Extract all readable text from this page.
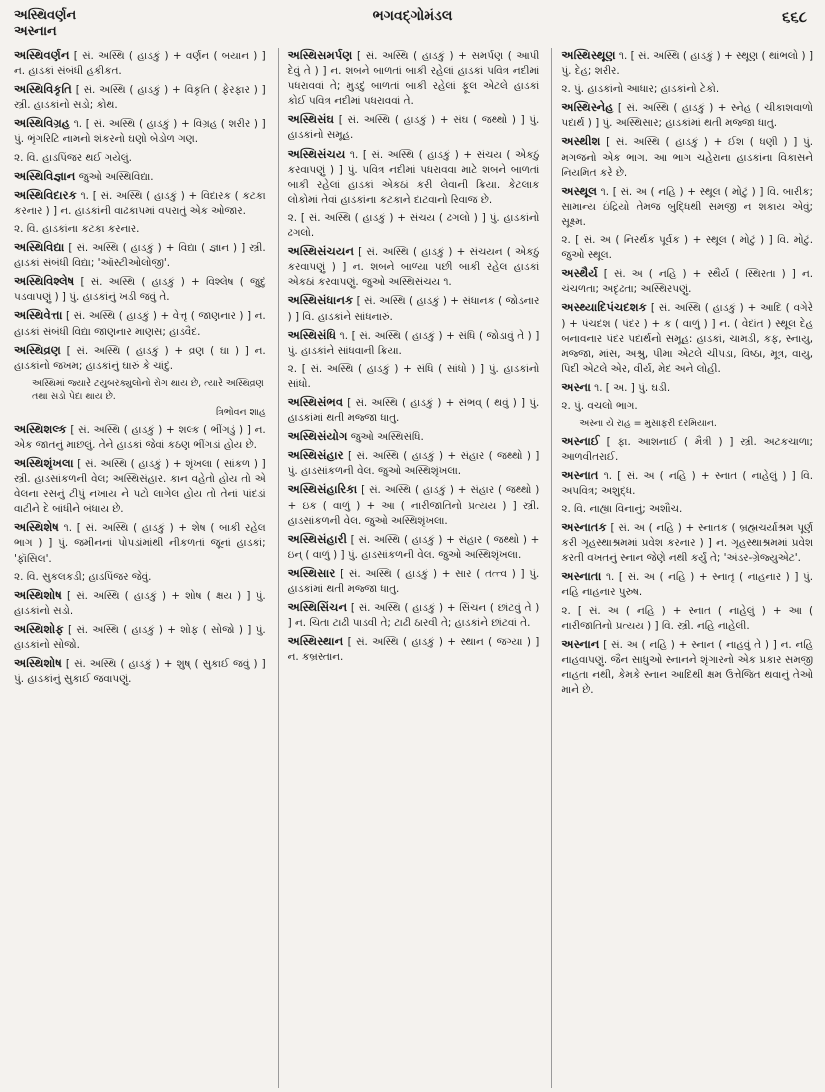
અસ્થિવર્ણન
અસ્નાન
ભગવદ્ગોમંડલ	૬૬૮
અસ્થિવર્ણન [ સં. અસ્થિ ( હાડકું ) + વર્ણન ( બયાન ) ] ન. હાડકાં સંબંધી હકીકત.
અસ્થિવિકૃતિ [ સં. અસ્થિ ( હાડકું ) + વિકૃતિ ( ફેરફાર ) ] સ્ત્રી. હાડકાંનો સડો; કોથ.
અસ્થિવિગ્રહ ૧. [ સં. અસ્થિ ( હાડકું ) + વિગ્રહ ( શરીર ) ] પું. ભૃંગરિટિ નામનો શંકરનો ઘણો બેડોળ ગણ.
૨. વિ. હાડપિંજર થઈ ગયેલું.
અસ્થિવિજ્ઞાન જુઓ અસ્થિવિદ્યા.
અસ્થિવિદારક ૧. [ સં. અસ્થિ ( હાડકું ) + વિદારક ( કટકા કરનાર ) ] ન. હાડકાંની વાઢકાપમાં વપરાતું એક ઓજાર.
૨. વિ. હાડકાંના કટકા કરનાર.
અસ્થિવિદ્યા [ સં. અસ્થિ ( હાડકું ) + વિદ્યા ( જ્ઞાન ) ] સ્ત્રી. હાડકાં સંબંધી વિદ્યા; 'ઑસ્ટીઓલોજી'.
અસ્થિવિશ્લેષ [ સં. અસ્થિ ( હાડકું ) + વિશ્લેષ ( જુદું પડવાપણું ) ] પું. હાડકાંનું ખડી જવું તે.
અસ્થિવેત્તા [ સં. અસ્થિ ( હાડકું ) + વેત્તૃ ( જાણનાર ) ] ન. હાડકાં સંબંધી વિદ્યા જાણનાર માણસ; હાડવૈદ.
અસ્થિવ્રણ [ સં. અસ્થિ ( હાડકું ) + વ્રણ ( ઘા ) ] ન. હાડકાંનો જખમ; હાડકાંનું ઘારું કે ચાંદું.
અસ્થિમાં જ્યારે ટયુબરક્યુલોનો રોગ થાય છે, ત્યારે અસ્થિવ્રણ તથા સડો પેદા થાય છે.
ત્રિભોવન શાહ
અસ્થિશલ્ક [ સં. અસ્થિ ( હાડકું ) + શલ્ક ( ભીંગડું ) ] ન. એક જાતનું માછલું. તેને હાડકાં જેવાં કઠણ ભીંગડાં હોય છે.
અસ્થિશૃંખલા [ સં. અસ્થિ ( હાડકું ) + શૃંખલા ( સાંકળ ) ] સ્ત્રી. હાડસાંકળની વેલ; અસ્થિસંહાર. કાન વહેતો હોય તો એ વેલના રસનું ટીપું નખાય ને પટો લાગેલ હોય તો તેનાં પાંદડાં વાટીને દે બાંધીને બંધાય છે.
અસ્થિશેષ ૧. [ સં. અસ્થિ ( હાડકું ) + શેષ ( બાકી રહેલ ભાગ ) ] પું. જમીનનાં પોપડાંમાંથી નીકળતાં જૂનાં હાડકાં; 'ફૉસિલ'.
૨. વિ. સુકલકડી; હાડપિંજર જેવું.
અસ્થિશોષ [ સં. અસ્થિ ( હાડકું ) + શોષ ( ક્ષય ) ] પું. હાડકાંનો સડો.
અસ્થિશોફ [ સં. અસ્થિ ( હાડકું ) + શોફ ( સોજો ) ] પું. હાડકાંનો સોજો.
અસ્થિશોષ [ સં. અસ્થિ ( હાડકું ) + શુષ્ ( સુકાઈ જવું ) ] પું. હાડકાંનું સુકાઈ જવાપણું.
અસ્થિસમર્પણ [ સં. અસ્થિ ( હાડકું ) + સમર્પણ ( આપી દેવું તે ) ] ન. શબને બાળતાં બાકી રહેલાં હાડકાં પવિત્ર નદીમાં પધરાવવાં તે; મુડદું બાળતાં બાકી રહેલાં ફૂલ એટલે હાડકાં કોઈ પવિત્ર નદીમાં પધરાવવાં તે.
અસ્થિસંઘ [ સં. અસ્થિ ( હાડકું ) + સંઘ ( જથ્થો ) ] પું. હાડકાંનો સમૂહ.
અસ્થિસંચય ૧. [ સં. અસ્થિ ( હાડકું ) + સંચય ( એકઠું કરવાપણું ) ] પું. પવિત્ર નદીમાં પધરાવવા માટે શબને બાળતાં બાકી રહેલાં હાડકાં એકઠાં કરી લેવાની ક્રિયા. કેટલાક લોકોમાં તેવાં હાડકાંના કટકાને દાટવાનો રિવાજ છે.
૨. [ સં. અસ્થિ ( હાડકું ) + સંચય ( ઢગલો ) ] પું. હાડકાંનો ઢગલો.
અસ્થિસંચયન [ સં. અસ્થિ ( હાડકું ) + સંચયન ( એકઠું કરવાપણું ) ] ન. શબને બાળ્યા પછી બાકી રહેલ હાડકાં એકઠાં કરવાપણું. જુઓ અસ્થિસંચય ૧.
અસ્થિસંધાનક [ સં. અસ્થિ ( હાડકું ) + સંધાનક ( જોડનાર ) ] વિ. હાડકાંને સાંધનારું.
અસ્થિસંધિ ૧. [ સં. અસ્થિ ( હાડકું ) + સંધિ ( જોડાવું તે ) ] પું. હાડકાંને સાંધવાની ક્રિયા.
૨. [ સં. અસ્થિ ( હાડકું ) + સંધિ ( સાંધો ) ] પું. હાડકાંનો સાંધો.
અસ્થિસંભવ [ સં. અસ્થિ ( હાડકું ) + સંભવ્ ( થવું ) ] પું. હાડકાંમાં થતી મજ્જા ધાતુ.
અસ્થિસંયોગ જુઓ અસ્થિસંધિ.
અસ્થિસંહાર [ સં. અસ્થિ ( હાડકું ) + સંહાર ( જથ્થો ) ] પું. હાડસાંકળની વેલ. જુઓ અસ્થિશૃંખલા.
અસ્થિસંહારિકા [ સં. અસ્થિ ( હાડકું ) + સંહાર ( જથ્થો ) + ઇક ( વાળું ) + આ ( નારીજાતિનો પ્રત્યય ) ] સ્ત્રી. હાડસાંકળની વેલ. જુઓ અસ્થિશૃંખલા.
અસ્થિસંહારી [ સં. અસ્થિ ( હાડકું ) + સંહાર ( જથ્થો ) + ઇન્ ( વાળું ) ] પું. હાડસાંકળની વેલ. જુઓ અસ્થિશૃંખલા.
અસ્થિસાર [ સં. અસ્થિ ( હાડકું ) + સાર ( તત્ત્વ ) ] પું. હાડકાંમાં થતી મજ્જા ધાતુ.
અસ્થિસિંચન [ સં. અસ્થિ ( હાડકું ) + સિંચન ( છાંટવું તે ) ] ન. ચિતા ટાઢી પાડવી તે; ટાઢી ઠારવી તે; હાડકાંને છાંટવાં તે.
અસ્થિસ્થાન [ સં. અસ્થિ ( હાડકું ) + સ્થાન ( જગ્યા ) ] ન. કબ્રસ્તાન.
અસ્થિસ્થૂણ ૧. [ સં. અસ્થિ ( હાડકું ) + સ્થૂણ ( થાંભલો ) ] પું. દેહ; શરીર.
૨. પું. હાડકાંનો આધાર; હાડકાંનો ટેકો.
અસ્થિસ્નેહ [ સં. અસ્થિ ( હાડકું ) + સ્નેહ ( ચીકાશવાળો પદાર્થ ) ] પું. અસ્થિસાર; હાડકાંમાં થતી મજ્જા ધાતુ.
અસ્થીશ [ સં. અસ્થિ ( હાડકું ) + ઈશ ( ધણી ) ] પું. મગજનો એક ભાગ. આ ભાગ ચહેરાના હાડકાંના વિકાસને નિયમિત કરે છે.
અસ્થૂલ ૧. [ સં. અ ( નહિ ) + સ્થૂલ ( મોટું ) ] વિ. બારીક; સામાન્ય ઇંદ્રિયો તેમજ બુદ્ધિથી સમજી ન શકાય એવું; સૂક્ષ્મ.
૨. [ સં. અ ( નિરર્થક પૂર્વક ) + સ્થૂલ ( મોટું ) ] વિ. મોટું. જુઓ સ્થૂલ.
અસ્થૈર્ય [ સં. અ ( નહિ ) + સ્થૈર્ય ( સ્થિરતા ) ] ન. ચંચળતા; અદૃઢતા; અસ્થિરપણું.
અસ્થ્યાદિપંચદશક [ સં. અસ્થિ ( હાડકું ) + આદિ ( વગેરે ) + પંચદશ ( પંદર ) + ક ( વાળું ) ] ન. ( વેદાંત ) સ્થૂલ દેહ બનાવનાર પંદર પદાર્થનો સમૂહ: હાડકાં, ચામડી, કફ, સ્નાયુ, મજ્જા, માંસ, અશ્રુ, પીમા એટલે ચીપડા, વિષ્ઠા, મૂત્ર, વાયુ, પિદી એટલે એર, વીર્ય, મેદ અને લોહી.
અસ્ના ૧. [ અ. ] પું. ઘડી.
૨. પું. વચલો ભાગ.
અસ્ના યે રાહ = મુસાફરી દરમિયાન.
અસ્નાઈ [ ફા. આશનાઈ ( મૈત્રી ) ] સ્ત્રી. અટકચાળા; આળવીતરાઈ.
અસ્નાત ૧. [ સં. અ ( નહિ ) + સ્નાત ( નાહેલું ) ] વિ. અપવિત્ર; અશુદ્ધ.
૨. વિ. નાહ્યા વિનાનું; અશૌચ.
અસ્નાતક [ સં. અ ( નહિ ) + સ્નાતક ( બ્રહ્મચર્યાશ્રમ પૂર્ણ કરી ગૃહસ્થાશ્રમમાં પ્રવેશ કરનાર ) ] ન. ગૃહસ્થાશ્રમમાં પ્રવેશ કરતી વખતનું સ્નાન જેણે નથી કર્યું તે; 'અંડર-ગ્રેજ્યુએટ'.
અસ્નાતા ૧. [ સં. અ ( નહિ ) + સ્નાતૃ ( નાહનાર ) ] પું. નહિ નાહનાર પુરુષ.
૨. [ સં. અ ( નહિ ) + સ્નાત ( નાહેલું ) + આ ( નારીજાતિનો પ્રત્યય ) ] વિ. સ્ત્રી. નહિ નાહેલી.
અસ્નાન [ સં. અ ( નહિ ) + સ્નાન ( નાહવું તે ) ] ન. નહિ નાહવાપણું. જૈન સાધુઓ સ્નાનને શૃંગારનો એક પ્રકાર સમજી નાહતા નથી, કેમકે સ્નાન આદિથી ક્ષમ ઉત્તેજિત થવાનું તેઓ માને છે.
